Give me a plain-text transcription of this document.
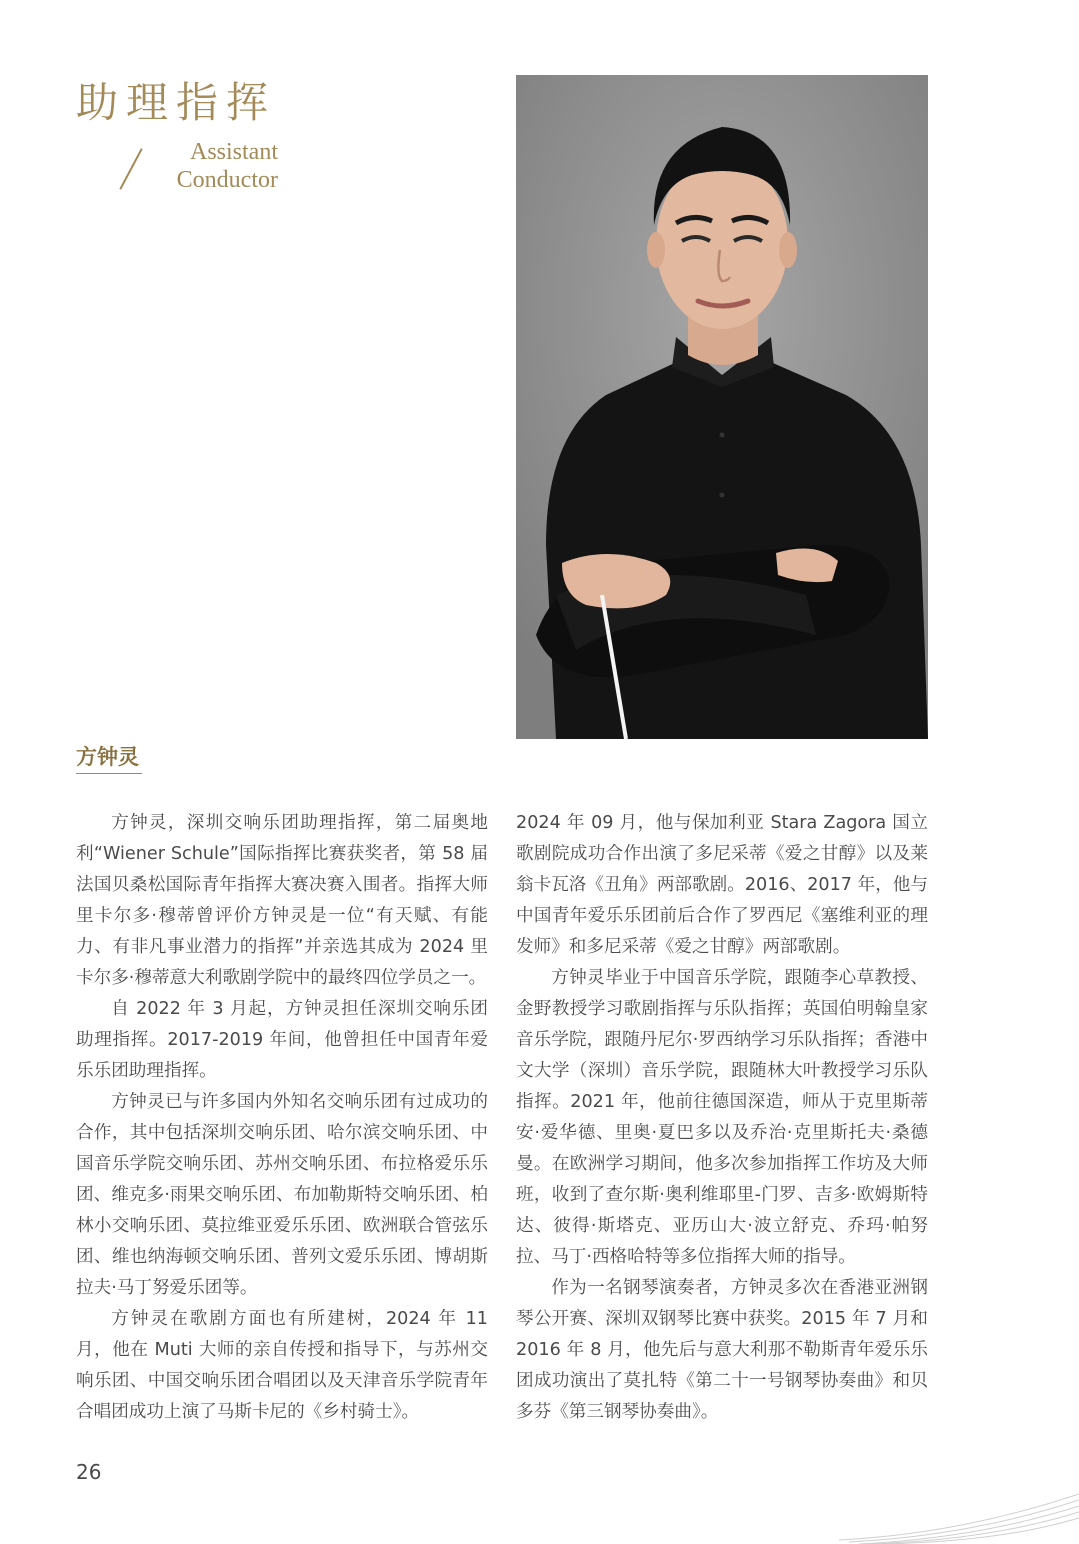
助理指挥
Assistant
Conductor
方钟灵

方钟灵，深圳交响乐团助理指挥，第二届奥地利“Wiener Schule”国际指挥比赛获奖者，第 58 届法国贝桑松国际青年指挥大赛决赛入围者。指挥大师里卡尔多·穆蒂曾评价方钟灵是一位“有天赋、有能力、有非凡事业潜力的指挥”并亲选其成为 2024 里卡尔多·穆蒂意大利歌剧学院中的最终四位学员之一。

自 2022 年 3 月起，方钟灵担任深圳交响乐团助理指挥。2017-2019 年间，他曾担任中国青年爱乐乐团助理指挥。

方钟灵已与许多国内外知名交响乐团有过成功的合作，其中包括深圳交响乐团、哈尔滨交响乐团、中国音乐学院交响乐团、苏州交响乐团、布拉格爱乐乐团、维克多·雨果交响乐团、布加勒斯特交响乐团、柏林小交响乐团、莫拉维亚爱乐乐团、欧洲联合管弦乐团、维也纳海顿交响乐团、普列文爱乐乐团、博胡斯拉夫·马丁努爱乐团等。

方钟灵在歌剧方面也有所建树，2024 年 11 月，他在 Muti 大师的亲自传授和指导下，与苏州交响乐团、中国交响乐团合唱团以及天津音乐学院青年合唱团成功上演了马斯卡尼的《乡村骑士》。

2024 年 09 月，他与保加利亚 Stara Zagora 国立歌剧院成功合作出演了多尼采蒂《爱之甘醇》以及莱翁卡瓦洛《丑角》两部歌剧。2016、2017 年，他与中国青年爱乐乐团前后合作了罗西尼《塞维利亚的理发师》和多尼采蒂《爱之甘醇》两部歌剧。

方钟灵毕业于中国音乐学院，跟随李心草教授、金野教授学习歌剧指挥与乐队指挥；英国伯明翰皇家音乐学院，跟随丹尼尔·罗西纳学习乐队指挥；香港中文大学（深圳）音乐学院，跟随林大叶教授学习乐队指挥。2021 年，他前往德国深造，师从于克里斯蒂安·爱华德、里奥·夏巴多以及乔治·克里斯托夫·桑德曼。在欧洲学习期间，他多次参加指挥工作坊及大师班，收到了查尔斯·奥利维耶里-门罗、吉多·欧姆斯特达、彼得·斯塔克、亚历山大·波立舒克、乔玛·帕努拉、马丁·西格哈特等多位指挥大师的指导。

作为一名钢琴演奏者，方钟灵多次在香港亚洲钢琴公开赛、深圳双钢琴比赛中获奖。2015 年 7 月和 2016 年 8 月，他先后与意大利那不勒斯青年爱乐乐团成功演出了莫扎特《第二十一号钢琴协奏曲》和贝多芬《第三钢琴协奏曲》。

26
